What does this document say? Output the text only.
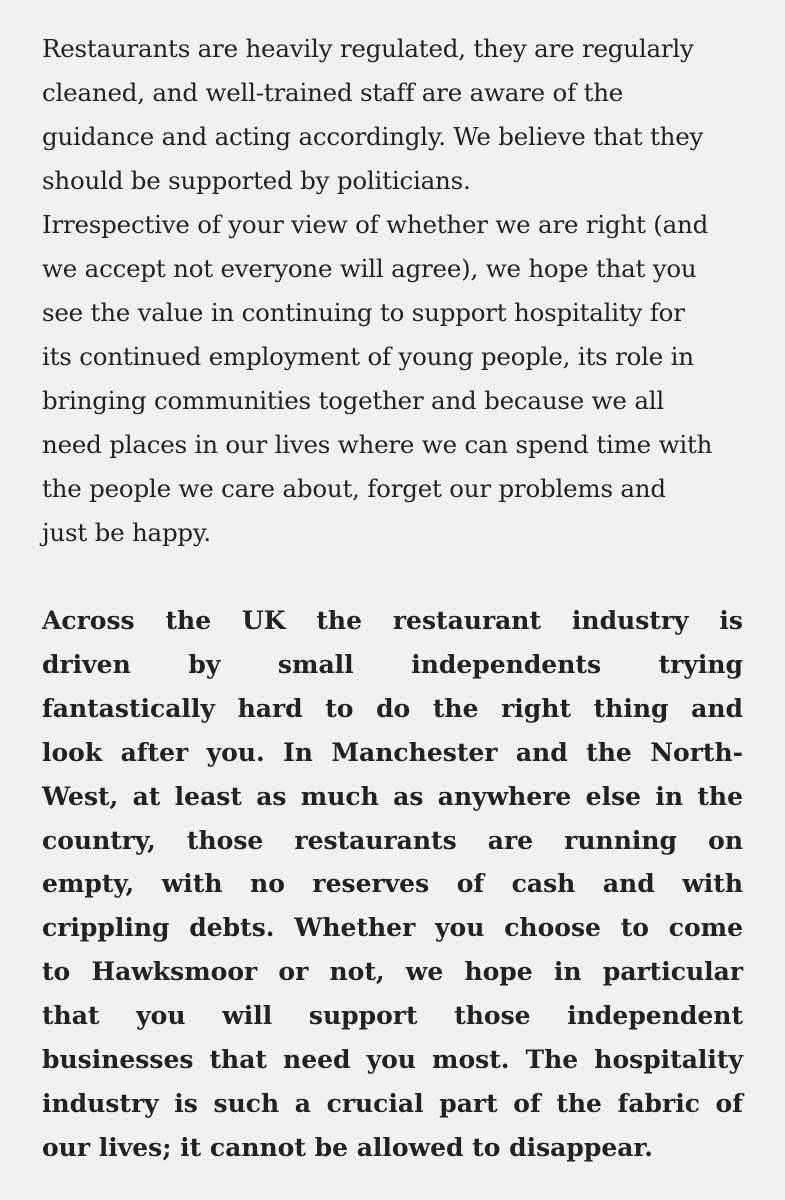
Restaurants are heavily regulated, they are regularly
cleaned, and well-trained staff are aware of the
guidance and acting accordingly. We believe that they
should be supported by politicians.
Irrespective of your view of whether we are right (and
we accept not everyone will agree), we hope that you
see the value in continuing to support hospitality for
its continued employment of young people, its role in
bringing communities together and because we all
need places in our lives where we can spend time with
the people we care about, forget our problems and
just be happy.

Across the UK the restaurant industry is
driven by small independents trying
fantastically hard to do the right thing and
look after you. In Manchester and the North-
West, at least as much as anywhere else in the
country, those restaurants are running on
empty, with no reserves of cash and with
crippling debts. Whether you choose to come
to Hawksmoor or not, we hope in particular
that you will support those independent
businesses that need you most. The hospitality
industry is such a crucial part of the fabric of
our lives; it cannot be allowed to disappear.
